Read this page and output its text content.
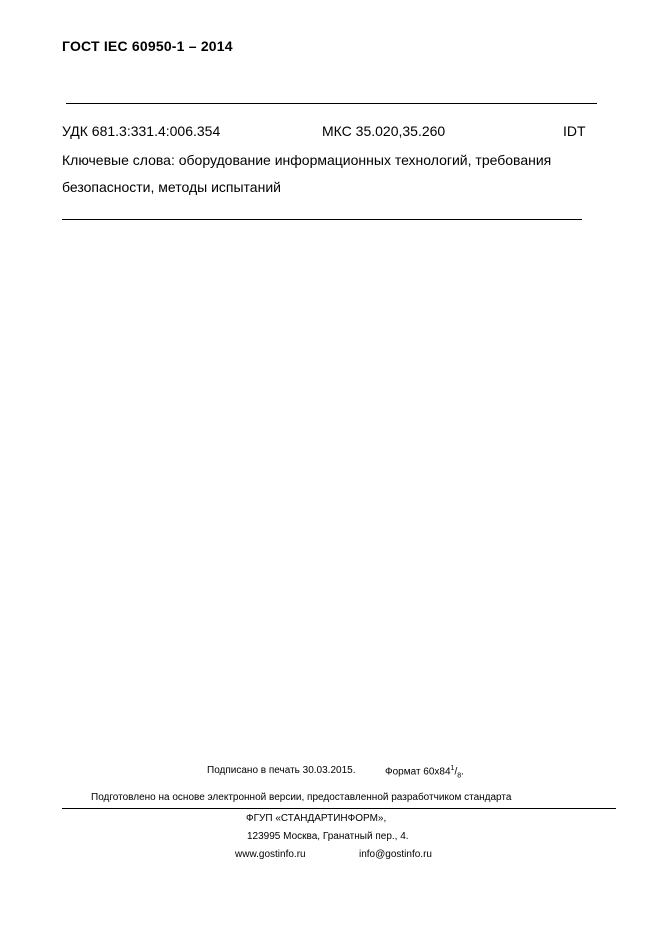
ГОСТ IEC 60950-1 – 2014
УДК 681.3:331.4:006.354	МКС 35.020,35.260	IDT
Ключевые слова: оборудование информационных технологий, требования
безопасности, методы испытаний
Подписано в печать 30.03.2015.	Формат $60x84^1/_8$.
Подготовлено на основе электронной версии, предоставленной разработчиком стандарта
ФГУП «СТАНДАРТИНФОРМ»,
123995 Москва, Гранатный пер., 4.
www.gostinfo.ru	info@gostinfo.ru
